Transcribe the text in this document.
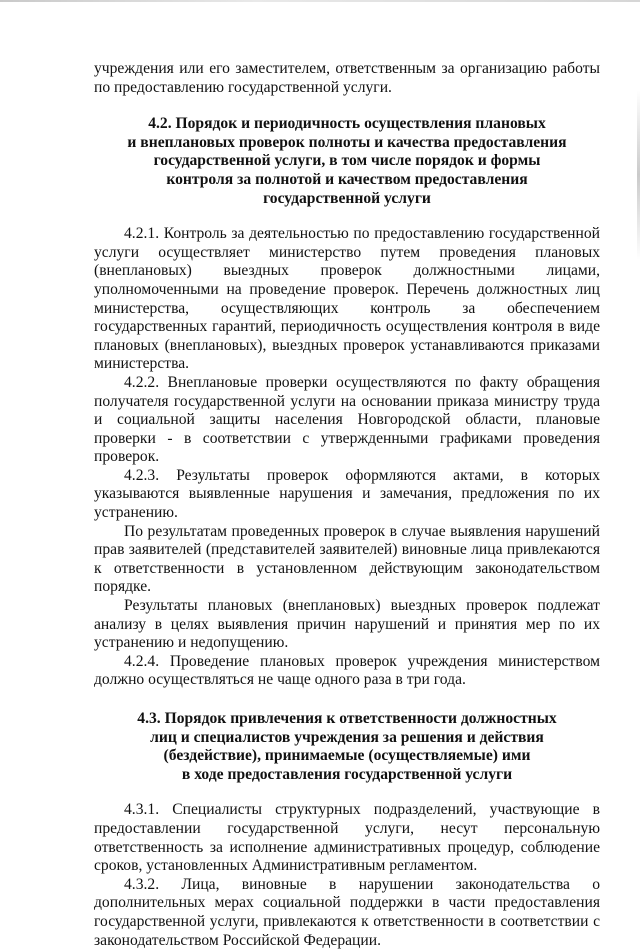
учреждения или его заместителем, ответственным за организацию работы по предоставлению государственной услуги.

4.2. Порядок и периодичность осуществления плановых
и внеплановых проверок полноты и качества предоставления
государственной услуги, в том числе порядок и формы
контроля за полнотой и качеством предоставления
государственной услуги

4.2.1. Контроль за деятельностью по предоставлению государственной услуги осуществляет министерство путем проведения плановых (внеплановых) выездных проверок должностными лицами, уполномоченными на проведение проверок. Перечень должностных лиц министерства, осуществляющих контроль за обеспечением государственных гарантий, периодичность осуществления контроля в виде плановых (внеплановых), выездных проверок устанавливаются приказами министерства.

4.2.2. Внеплановые проверки осуществляются по факту обращения получателя государственной услуги на основании приказа министру труда и социальной защиты населения Новгородской области, плановые проверки - в соответствии с утвержденными графиками проведения проверок.

4.2.3. Результаты проверок оформляются актами, в которых указываются выявленные нарушения и замечания, предложения по их устранению.

По результатам проведенных проверок в случае выявления нарушений прав заявителей (представителей заявителей) виновные лица привлекаются к ответственности в установленном действующим законодательством порядке.

Результаты плановых (внеплановых) выездных проверок подлежат анализу в целях выявления причин нарушений и принятия мер по их устранению и недопущению.

4.2.4. Проведение плановых проверок учреждения министерством должно осуществляться не чаще одного раза в три года.

4.3. Порядок привлечения к ответственности должностных
лиц и специалистов учреждения за решения и действия
(бездействие), принимаемые (осуществляемые) ими
в ходе предоставления государственной услуги

4.3.1. Специалисты структурных подразделений, участвующие в предоставлении государственной услуги, несут персональную ответственность за исполнение административных процедур, соблюдение сроков, установленных Административным регламентом.

4.3.2. Лица, виновные в нарушении законодательства о дополнительных мерах социальной поддержки в части предоставления государственной услуги, привлекаются к ответственности в соответствии с законодательством Российской Федерации.
